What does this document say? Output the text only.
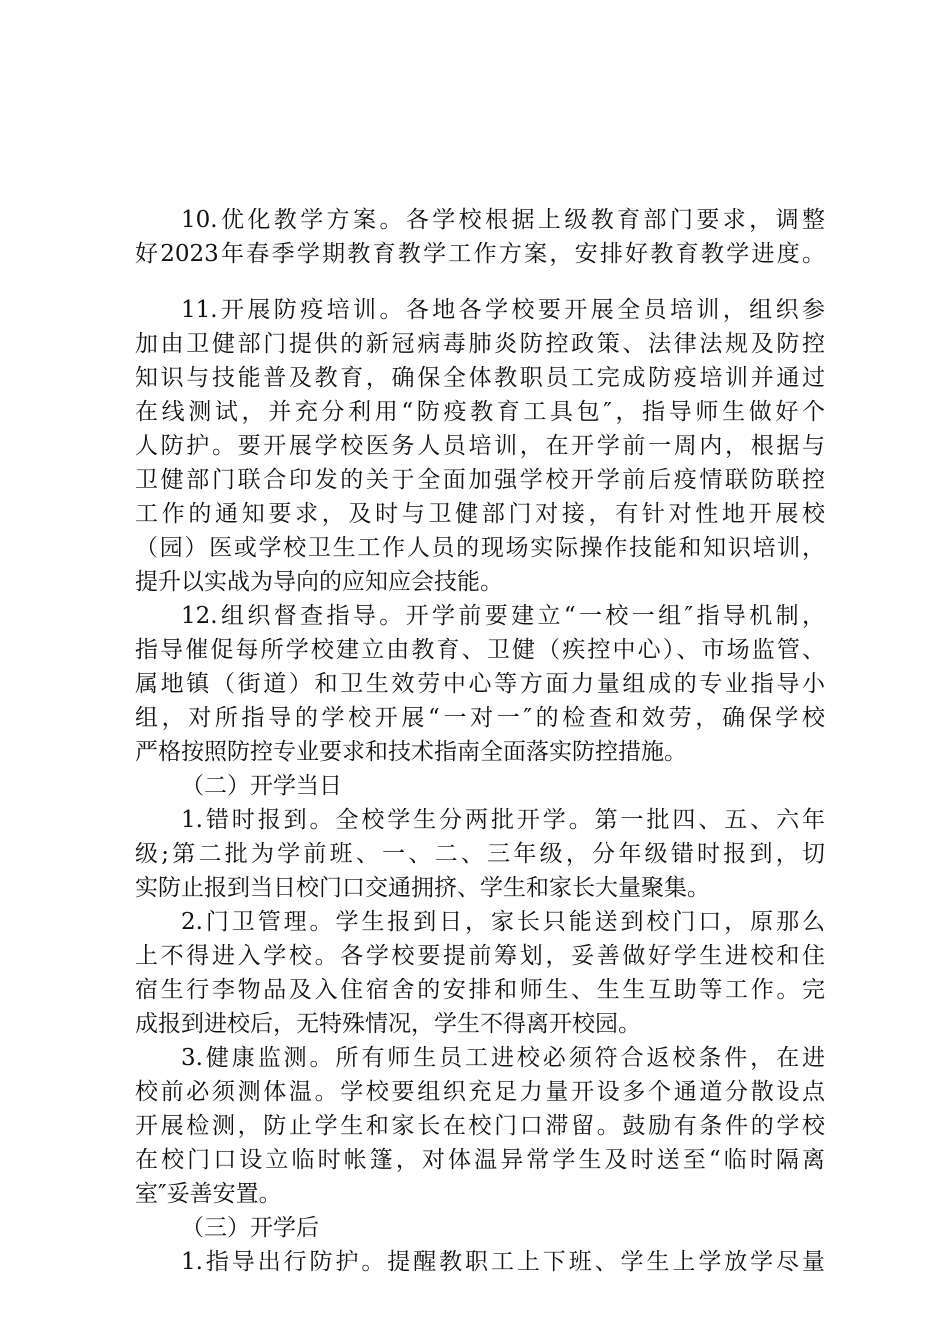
10.优化教学方案。各学校根据上级教育部门要求，调整
好2023年春季学期教育教学工作方案，安排好教育教学进度。
11.开展防疫培训。各地各学校要开展全员培训，组织参
加由卫健部门提供的新冠病毒肺炎防控政策、法律法规及防控
知识与技能普及教育，确保全体教职员工完成防疫培训并通过
在线测试，并充分利用“防疫教育工具包″，指导师生做好个
人防护。要开展学校医务人员培训，在开学前一周内，根据与
卫健部门联合印发的关于全面加强学校开学前后疫情联防联控
工作的通知要求，及时与卫健部门对接，有针对性地开展校
（园）医或学校卫生工作人员的现场实际操作技能和知识培训，
提升以实战为导向的应知应会技能。
12.组织督查指导。开学前要建立“一校一组″指导机制，
指导催促每所学校建立由教育、卫健（疾控中心）、市场监管、
属地镇（街道）和卫生效劳中心等方面力量组成的专业指导小
组，对所指导的学校开展“一对一″的检查和效劳，确保学校
严格按照防控专业要求和技术指南全面落实防控措施。
（二）开学当日
1.错时报到。全校学生分两批开学。第一批四、五、六年
级;第二批为学前班、一、二、三年级，分年级错时报到，切
实防止报到当日校门口交通拥挤、学生和家长大量聚集。
2.门卫管理。学生报到日，家长只能送到校门口，原那么
上不得进入学校。各学校要提前筹划，妥善做好学生进校和住
宿生行李物品及入住宿舍的安排和师生、生生互助等工作。完
成报到进校后，无特殊情况，学生不得离开校园。
3.健康监测。所有师生员工进校必须符合返校条件，在进
校前必须测体温。学校要组织充足力量开设多个通道分散设点
开展检测，防止学生和家长在校门口滞留。鼓励有条件的学校
在校门口设立临时帐篷，对体温异常学生及时送至“临时隔离
室″妥善安置。
（三）开学后
1.指导出行防护。提醒教职工上下班、学生上学放学尽量
